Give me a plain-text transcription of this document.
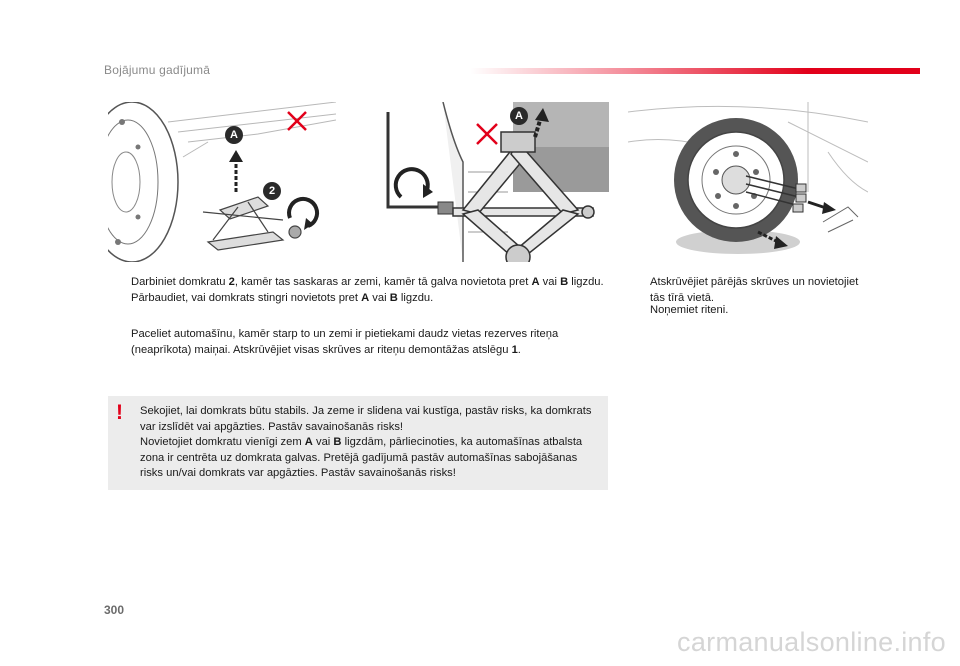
Bojājumu gadījumā
A
2
A
Darbiniet domkratu 2, kamēr tas saskaras ar zemi, kamēr tā galva novietota pret A vai B ligzdu.
Pārbaudiet, vai domkrats stingri novietots pret A vai B ligzdu.
Paceliet automašīnu, kamēr starp to un zemi ir pietiekami daudz vietas rezerves riteņa
(neaprīkota) maiņai. Atskrūvējiet visas skrūves ar riteņu demontāžas atslēgu 1.
Atskrūvējiet pārējās skrūves un novietojiet
tās tīrā vietā.
Noņemiet riteni.
! Sekojiet, lai domkrats būtu stabils. Ja zeme ir slidena vai kustīga, pastāv risks, ka domkrats
var izslīdēt vai apgāzties. Pastāv savainošanās risks!
Novietojiet domkratu vienīgi zem A vai B ligzdām, pārliecinoties, ka automašīnas atbalsta
zona ir centrēta uz domkrata galvas. Pretējā gadījumā pastāv automašīnas sabojāšanas
risks un/vai domkrats var apgāzties. Pastāv savainošanās risks!
300
carmanualsonline.info
